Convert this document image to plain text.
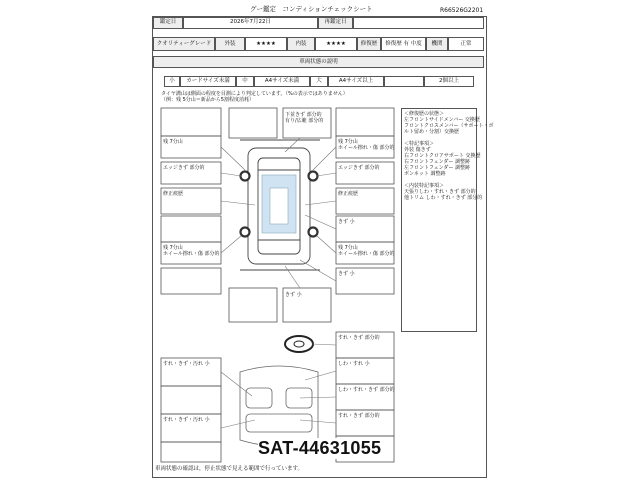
グー鑑定　コンディションチェックシート	R66526G2201
鑑定日	2026年7月22日	再鑑定日
クオリティーグレード	外装	★★★★	内装	★★★★	修復歴	修復歴 有 中度	機関	正常
車両状態の説明
小	カードサイズ未満	中	A4サイズ未満	大	A4サイズ以上	2個以上
タイヤ溝山は側面の程度を目測により判定しています。（%の表示ではありません）
（例：残 5分山＝新品から5割程度消耗）
下並きず 部分的
有り/広範 部分的
残 7分山
エッジきず 部分的
修正痕歴
残 7分山
ホイール擦れ・傷 部分的
残 7分山
ホイール擦れ・傷 部分的
エッジきず 部分的
修正痕歴
きず 小
残 7分山
ホイール擦れ・傷 部分的
きず 小
きず 小
すれ・きず 部分的
しわ・すれ 小
しわ・すれ・きず 部分的
すれ・きず 部分的
すれ・きず・汚れ 小
すれ・きず・汚れ 小
＜修復歴の状態＞
左フロントサイドメンバー 交換歴
フロントクロスメンバー（サポート・ボ
ルト留め・分割）交換歴
＜特記事項＞
外装 傷きず
右フロントクロアサポート 交換歴
右フロントフェンダー 調整跡
左フロントフェンダー 調整跡
ボンネット 調整跡
＜内装特記事項＞
天張りしわ・すれ・きず 部分的
他トリム しわ・すれ・きず 部分的
SAT-44631055
車両状態の確認は，停止状態で見える範囲で行っています。
